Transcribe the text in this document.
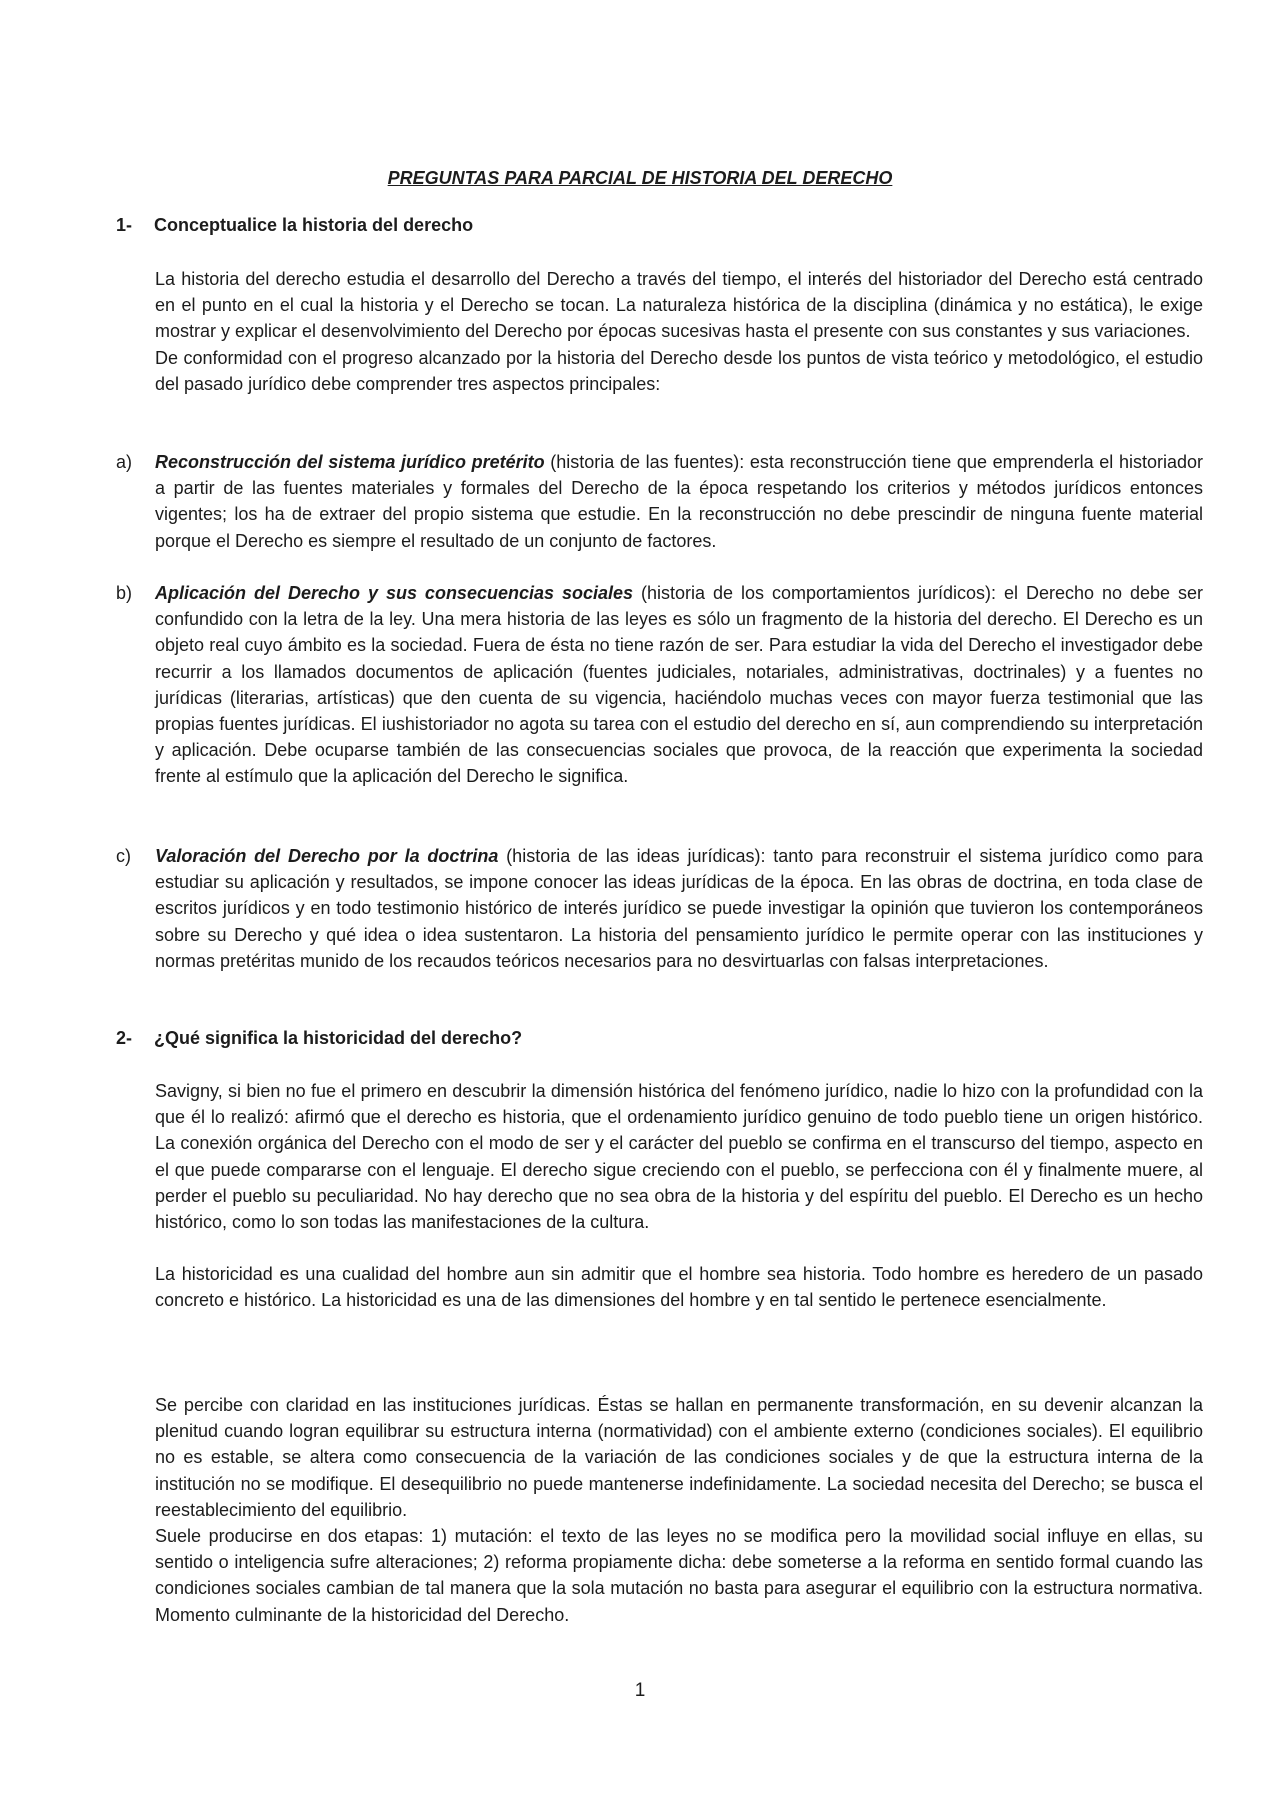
PREGUNTAS PARA PARCIAL DE HISTORIA DEL DERECHO
1- Conceptualice la historia del derecho

La historia del derecho estudia el desarrollo del Derecho a través del tiempo, el interés del historiador del Derecho está centrado en el punto en el cual la historia y el Derecho se tocan. La naturaleza histórica de la disciplina (dinámica y no estática), le exige mostrar y explicar el desenvolvimiento del Derecho por épocas sucesivas hasta el presente con sus constantes y sus variaciones.

De conformidad con el progreso alcanzado por la historia del Derecho desde los puntos de vista teórico y metodológico, el estudio del pasado jurídico debe comprender tres aspectos principales:

a)	Reconstrucción del sistema jurídico pretérito (historia de las fuentes): esta reconstrucción tiene que emprenderla el historiador a partir de las fuentes materiales y formales del Derecho de la época respetando los criterios y métodos jurídicos entonces vigentes; los ha de extraer del propio sistema que estudie. En la reconstrucción no debe prescindir de ninguna fuente material porque el Derecho es siempre el resultado de un conjunto de factores.
b)	Aplicación del Derecho y sus consecuencias sociales (historia de los comportamientos jurídicos): el Derecho no debe ser confundido con la letra de la ley. Una mera historia de las leyes es sólo un fragmento de la historia del derecho. El Derecho es un objeto real cuyo ámbito es la sociedad. Fuera de ésta no tiene razón de ser. Para estudiar la vida del Derecho el investigador debe recurrir a los llamados documentos de aplicación (fuentes judiciales, notariales, administrativas, doctrinales) y a fuentes no jurídicas (literarias, artísticas) que den cuenta de su vigencia, haciéndolo muchas veces con mayor fuerza testimonial que las propias fuentes jurídicas. El iushistoriador no agota su tarea con el estudio del derecho en sí, aun comprendiendo su interpretación y aplicación. Debe ocuparse también de las consecuencias sociales que provoca, de la reacción que experimenta la sociedad frente al estímulo que la aplicación del Derecho le significa.
c)	Valoración del Derecho por la doctrina (historia de las ideas jurídicas): tanto para reconstruir el sistema jurídico como para estudiar su aplicación y resultados, se impone conocer las ideas jurídicas de la época. En las obras de doctrina, en toda clase de escritos jurídicos y en todo testimonio histórico de interés jurídico se puede investigar la opinión que tuvieron los contemporáneos sobre su Derecho y qué idea o idea sustentaron. La historia del pensamiento jurídico le permite operar con las instituciones y normas pretéritas munido de los recaudos teóricos necesarios para no desvirtuarlas con falsas interpretaciones.
2- ¿Qué significa la historicidad del derecho?

Savigny, si bien no fue el primero en descubrir la dimensión histórica del fenómeno jurídico, nadie lo hizo con la profundidad con la que él lo realizó: afirmó que el derecho es historia, que el ordenamiento jurídico genuino de todo pueblo tiene un origen histórico. La conexión orgánica del Derecho con el modo de ser y el carácter del pueblo se confirma en el transcurso del tiempo, aspecto en el que puede compararse con el lenguaje. El derecho sigue creciendo con el pueblo, se perfecciona con él y finalmente muere, al perder el pueblo su peculiaridad. No hay derecho que no sea obra de la historia y del espíritu del pueblo. El Derecho es un hecho histórico, como lo son todas las manifestaciones de la cultura.

La historicidad es una cualidad del hombre aun sin admitir que el hombre sea historia. Todo hombre es heredero de un pasado concreto e histórico. La historicidad es una de las dimensiones del hombre y en tal sentido le pertenece esencialmente.

Se percibe con claridad en las instituciones jurídicas. Éstas se hallan en permanente transformación, en su devenir alcanzan la plenitud cuando logran equilibrar su estructura interna (normatividad) con el ambiente externo (condiciones sociales). El equilibrio no es estable, se altera como consecuencia de la variación de las condiciones sociales y de que la estructura interna de la institución no se modifique. El desequilibrio no puede mantenerse indefinidamente. La sociedad necesita del Derecho; se busca el reestablecimiento del equilibrio.

Suele producirse en dos etapas: 1) mutación: el texto de las leyes no se modifica pero la movilidad social influye en ellas, su sentido o inteligencia sufre alteraciones; 2) reforma propiamente dicha: debe someterse a la reforma en sentido formal cuando las condiciones sociales cambian de tal manera que la sola mutación no basta para asegurar el equilibrio con la estructura normativa. Momento culminante de la historicidad del Derecho.

1
